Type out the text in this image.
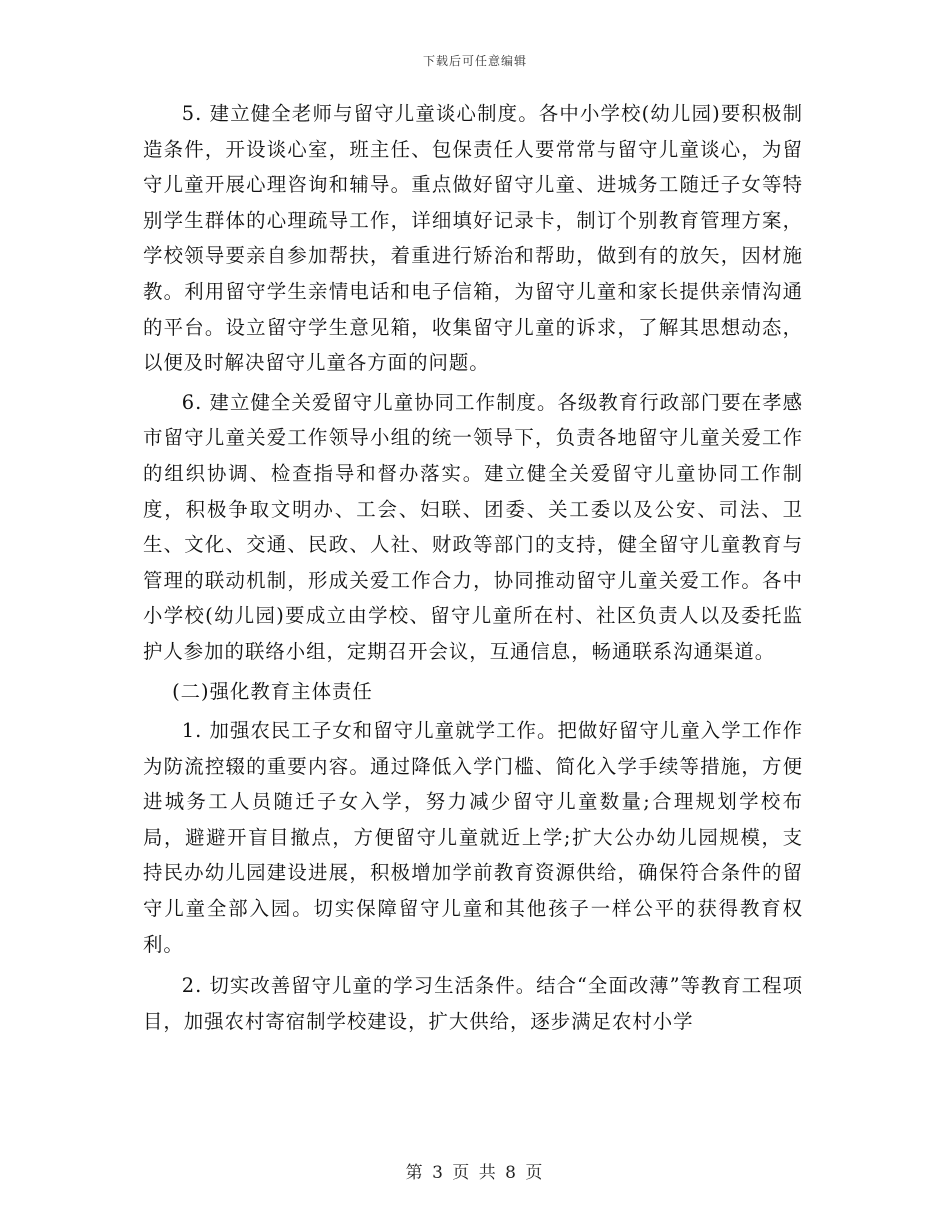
下载后可任意编辑

5. 建立健全老师与留守儿童谈心制度。各中小学校(幼儿园)要积极制造条件，开设谈心室，班主任、包保责任人要常常与留守儿童谈心，为留守儿童开展心理咨询和辅导。重点做好留守儿童、进城务工随迁子女等特别学生群体的心理疏导工作，详细填好记录卡，制订个别教育管理方案，学校领导要亲自参加帮扶，着重进行矫治和帮助，做到有的放矢，因材施教。利用留守学生亲情电话和电子信箱，为留守儿童和家长提供亲情沟通的平台。设立留守学生意见箱，收集留守儿童的诉求，了解其思想动态，以便及时解决留守儿童各方面的问题。

6. 建立健全关爱留守儿童协同工作制度。各级教育行政部门要在孝感市留守儿童关爱工作领导小组的统一领导下，负责各地留守儿童关爱工作的组织协调、检查指导和督办落实。建立健全关爱留守儿童协同工作制度，积极争取文明办、工会、妇联、团委、关工委以及公安、司法、卫生、文化、交通、民政、人社、财政等部门的支持，健全留守儿童教育与管理的联动机制，形成关爱工作合力，协同推动留守儿童关爱工作。各中小学校(幼儿园)要成立由学校、留守儿童所在村、社区负责人以及委托监护人参加的联络小组，定期召开会议，互通信息，畅通联系沟通渠道。

(二)强化教育主体责任

1. 加强农民工子女和留守儿童就学工作。把做好留守儿童入学工作作为防流控辍的重要内容。通过降低入学门槛、简化入学手续等措施，方便进城务工人员随迁子女入学，努力减少留守儿童数量;合理规划学校布局，避避开盲目撤点，方便留守儿童就近上学;扩大公办幼儿园规模，支持民办幼儿园建设进展，积极增加学前教育资源供给，确保符合条件的留守儿童全部入园。切实保障留守儿童和其他孩子一样公平的获得教育权利。

2. 切实改善留守儿童的学习生活条件。结合“全面改薄”等教育工程项目，加强农村寄宿制学校建设，扩大供给，逐步满足农村小学

第 3 页 共 8 页
